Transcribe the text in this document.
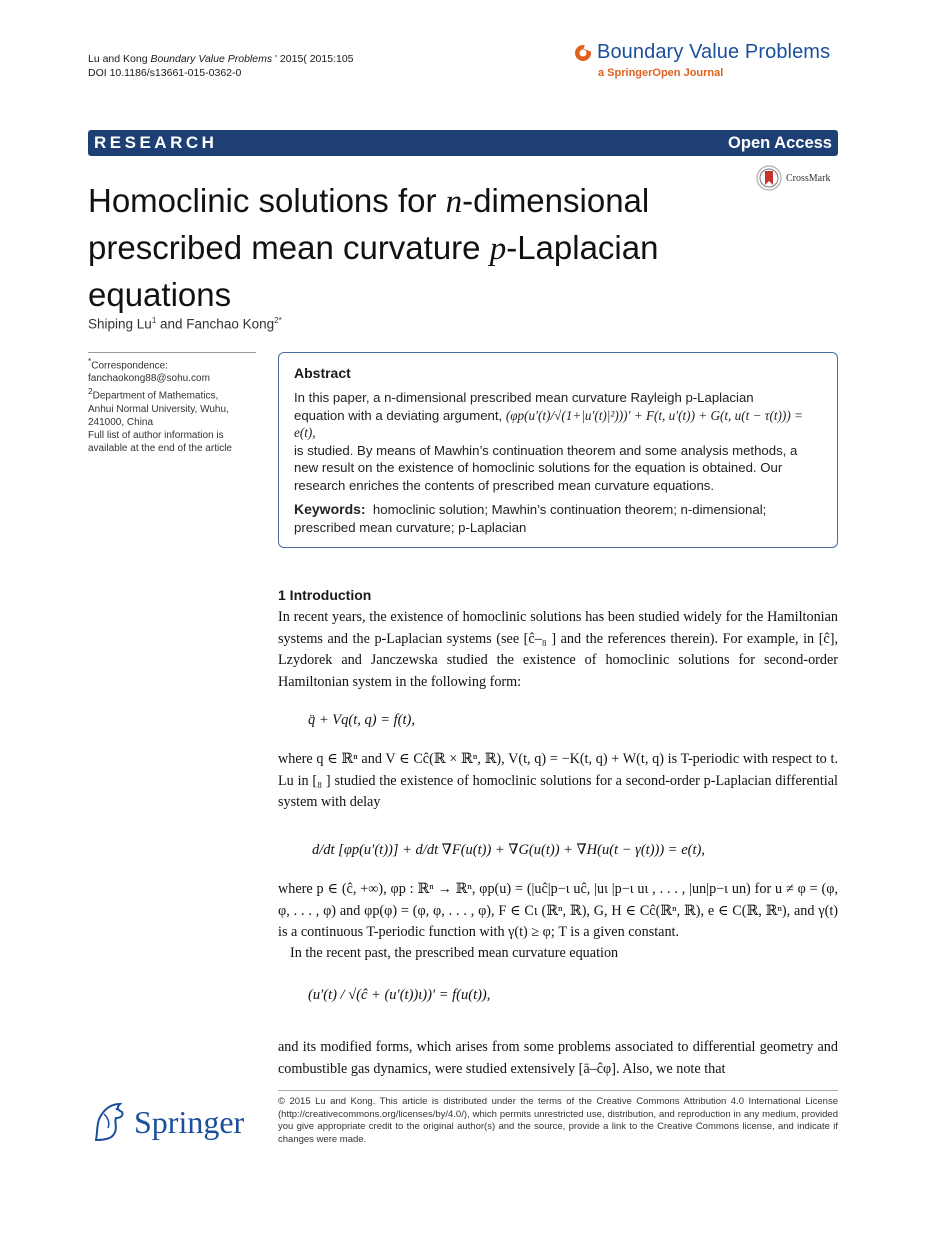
Lu and Kong Boundary Value Problems ' 2015( 2015:105
DOI 10.1186/s13661-015-0362-0
Boundary Value Problems
a SpringerOpen Journal
RESEARCH	Open Access
CrossMark
Homoclinic solutions for n-dimensional
prescribed mean curvature p-Laplacian
equations
Shiping Lu$^1$ and Fanchao Kong$^{2*}$
*Correspondence:
fanchaokong88@sohu.com
$^2$Department of Mathematics,
Anhui Normal University, Wuhu,
241000, China
Full list of author information is
available at the end of the article
Abstract
In this paper, a n-dimensional prescribed mean curvature Rayleigh p-Laplacian
equation with a deviating argument, (φp(u′(t)/√(1+|u′(t)|²)))′ + F(t, u′(t)) + G(t, u(t − τ(t))) = e(t),
is studied. By means of Mawhin’s continuation theorem and some analysis methods, a new result on the existence of homoclinic solutions for the equation is obtained. Our research enriches the contents of prescribed mean curvature equations.
Keywords: homoclinic solution; Mawhin’s continuation theorem; n-dimensional; prescribed mean curvature; p-Laplacian
1 Introduction
In recent years, the existence of homoclinic solutions has been studied widely for the Hamiltonian systems and the p-Laplacian systems (see [ĉ–₈ ] and the references therein). For example, in [ĉ], Lzydorek and Janczewska studied the existence of homoclinic solutions for second-order Hamiltonian system in the following form:
q̈ + Vq(t, q) = f(t),
where q ∈ ℝⁿ and V ∈ Cĉ(ℝ × ℝⁿ, ℝ), V(t, q) = −K(t, q) + W(t, q) is T-periodic with respect to t. Lu in [₈ ] studied the existence of homoclinic solutions for a second-order p-Laplacian differential system with delay
d/dt [φp(u′(t))] + d/dt ∇F(u(t)) + ∇G(u(t)) + ∇H(u(t − γ(t))) = e(t),
where p ∈ (ĉ, +∞), φp : ℝⁿ → ℝⁿ, φp(u) = (|uĉ|p−ι uĉ, |uι |p−ι uι , . . . , |un|p−ι un) for u ≠ φ = (φ, φ, . . . , φ) and φp(φ) = (φ, φ, . . . , φ), F ∈ Cι (ℝⁿ, ℝ), G, H ∈ Cĉ(ℝⁿ, ℝ), e ∈ C(ℝ, ℝⁿ), and γ(t) is a continuous T-periodic function with γ(t) ≥ φ; T is a given constant.
In the recent past, the prescribed mean curvature equation
(u′(t) / √(ĉ + (u′(t))ι))′ = f(u(t)),
and its modified forms, which arises from some problems associated to differential geometry and combustible gas dynamics, were studied extensively [ā–ĉφ]. Also, we note that
© 2015 Lu and Kong. This article is distributed under the terms of the Creative Commons Attribution 4.0 International License (http://creativecommons.org/licenses/by/4.0/), which permits unrestricted use, distribution, and reproduction in any medium, provided you give appropriate credit to the original author(s) and the source, provide a link to the Creative Commons license, and indicate if changes were made.
Springer
